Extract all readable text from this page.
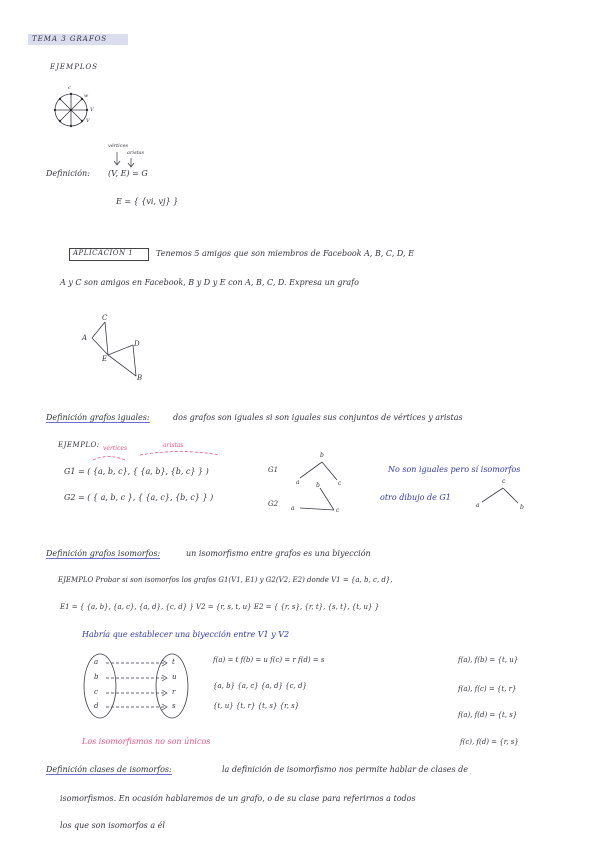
TEMA 3 GRAFOS
EJEMPLOS
c
w
V
V
vértices
aristas
Definición: (V, E) = G
E = { {vi, vj} }
APLICACIÓN 1	Tenemos 5 amigos que son miembros de Facebook A, B, C, D, E
A y C son amigos en Facebook, B y D y E con A, B, C, D. Expresa un grafo
C
A
E
D
B
Definición grafos iguales:	dos grafos son iguales si son iguales sus conjuntos de vértices y aristas
EJEMPLO: vértices	aristas
G1 = ( {a, b, c}, { {a, b}, {b, c} } )
G2 = ( { a, b, c }, { {a, c}, {b, c} } )
G1
G2
b
a	c
a
b
c
No son iguales pero sí isomorfos
otro dibujo de G1
c
a	b
Definición grafos isomorfos:	un isomorfismo entre grafos es una biyección
EJEMPLO Probar si son isomorfos los grafos G1(V1, E1) y G2(V2, E2) donde V1 = {a, b, c, d},
E1 = { {a, b}, {a, c}, {a, d}, {c, d} } V2 = {r, s, t, u} E2 = { {r, s}, {r, t}, {s, t}, {t, u} }
Habría que establecer una biyección entre V1 y V2
a
b
c
d
t
u
r
s
f(a) = t f(b) = u f(c) = r f(d) = s
{a, b} {a, c} {a, d} {c, d}
{t, u} {t, r} {t, s} {r, s}
f(a), f(b) = {t, u}
f(a), f(c) = {t, r}
f(a), f(d) = {t, s}
f(c), f(d) = {r, s}
Los isomorfismos no son únicos
Definición clases de isomorfos:	la definición de isomorfismo nos permite hablar de clases de
isomorfismos. En ocasión hablaremos de un grafo, o de su clase para referirnos a todos
los que son isomorfos a él
